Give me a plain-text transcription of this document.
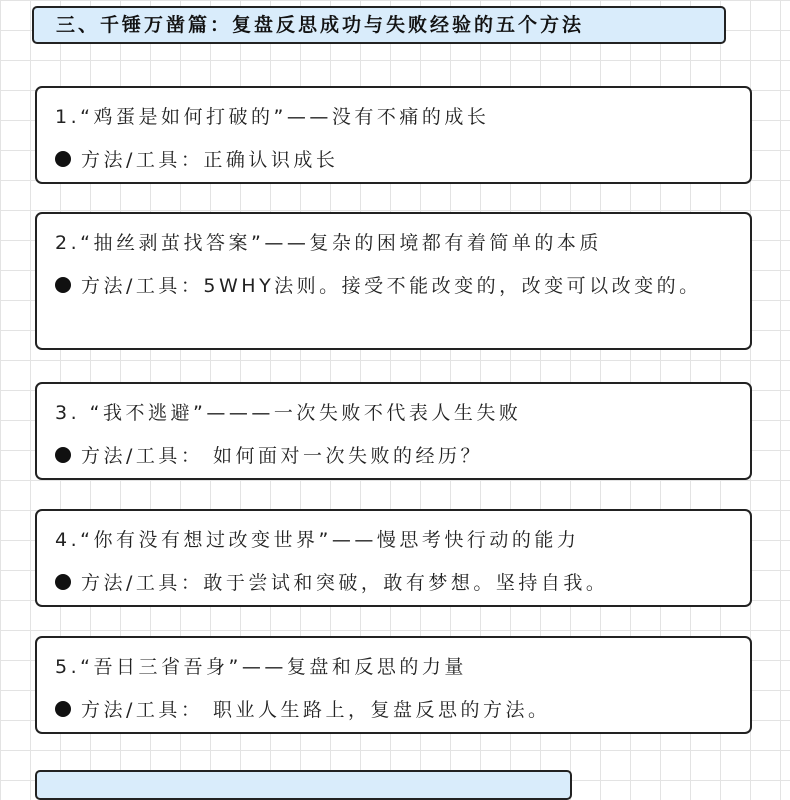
三、千锤万凿篇：复盘反思成功与失败经验的五个方法
1.“鸡蛋是如何打破的”——没有不痛的成长
方法/工具：正确认识成长
2.“抽丝剥茧找答案”——复杂的困境都有着简单的本质
方法/工具：5WHY法则。接受不能改变的，改变可以改变的。
3. “我不逃避”———一次失败不代表人生失败
方法/工具： 如何面对一次失败的经历？
4.“你有没有想过改变世界”——慢思考快行动的能力
方法/工具：敢于尝试和突破，敢有梦想。坚持自我。
5.“吾日三省吾身”——复盘和反思的力量
方法/工具： 职业人生路上，复盘反思的方法。
